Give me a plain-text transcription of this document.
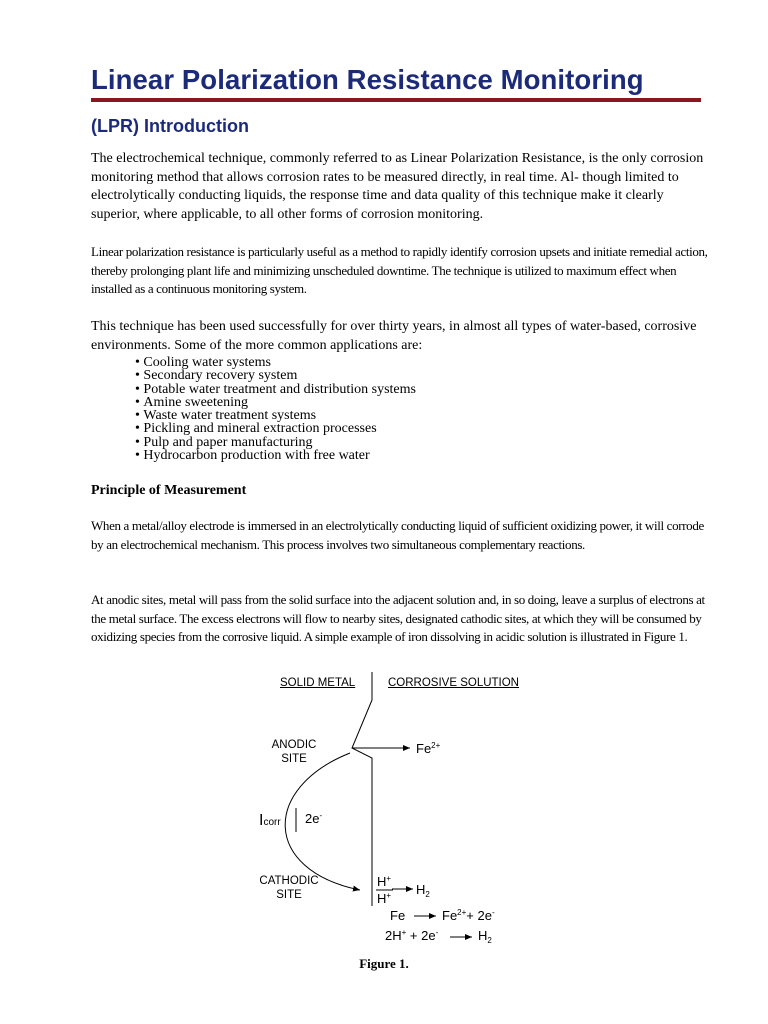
Linear Polarization Resistance Monitoring
(LPR) Introduction

The electrochemical technique, commonly referred to as Linear Polarization Resistance, is the only corrosion monitoring method that allows corrosion rates to be measured directly, in real time. Al- though limited to electrolytically conducting liquids, the response time and data quality of this technique make it clearly superior, where applicable, to all other forms of corrosion monitoring.

Linear polarization resistance is particularly useful as a method to rapidly identify corrosion upsets and initiate remedial action, thereby prolonging plant life and minimizing unscheduled downtime. The technique is utilized to maximum effect when installed as a continuous monitoring system.

This technique has been used successfully for over thirty years, in almost all types of water-based, corrosive environments. Some of the more common applications are:

• Cooling water systems
• Secondary recovery system
• Potable water treatment and distribution systems
• Amine sweetening
• Waste water treatment systems
• Pickling and mineral extraction processes
• Pulp and paper manufacturing
• Hydrocarbon production with free water
Principle of Measurement

When a metal/alloy electrode is immersed in an electrolytically conducting liquid of sufficient oxidizing power, it will corrode by an electrochemical mechanism. This process involves two simultaneous complementary reactions.

At anodic sites, metal will pass from the solid surface into the adjacent solution and, in so doing, leave a surplus of electrons at the metal surface. The excess electrons will flow to nearby sites, designated cathodic sites, at which they will be consumed by oxidizing species from the corrosive liquid. A simple example of iron dissolving in acidic solution is illustrated in Figure 1.

SOLID METAL	CORROSIVE SOLUTION

ANODIC
SITE

$Fe^{2+}$

Icorr 2e-

CATHODIC
SITE

H+

H+ $H_2$

Fe	$Fe^{2+}+ 2e^-$

2H+ + 2e-	$H_2$

Figure 1.
